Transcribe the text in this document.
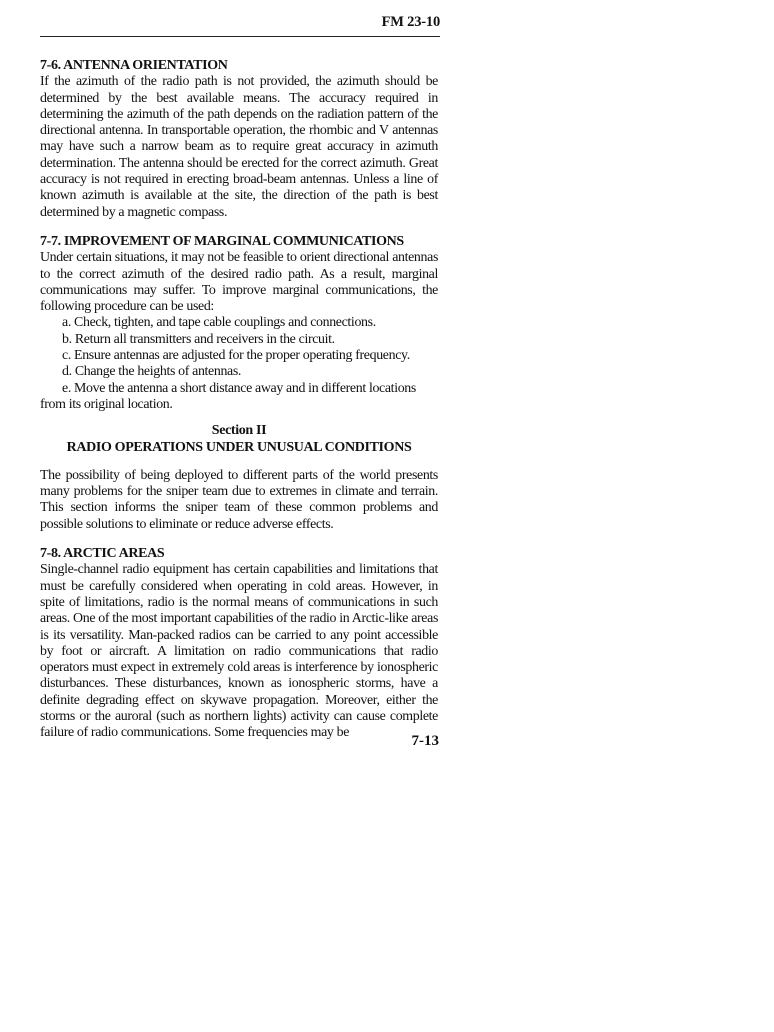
FM 23-10

7-6. ANTENNA ORIENTATION

If the azimuth of the radio path is not provided, the azimuth should be determined by the best available means. The accuracy required in determining the azimuth of the path depends on the radiation pattern of the directional antenna. In transportable operation, the rhombic and V antennas may have such a narrow beam as to require great accuracy in azimuth determination. The antenna should be erected for the correct azimuth. Great accuracy is not required in erecting broad-beam antennas. Unless a line of known azimuth is available at the site, the direction of the path is best determined by a magnetic compass.

7-7. IMPROVEMENT OF MARGINAL COMMUNICATIONS

Under certain situations, it may not be feasible to orient directional antennas to the correct azimuth of the desired radio path. As a result, marginal communications may suffer. To improve marginal communications, the following procedure can be used:

a. Check, tighten, and tape cable couplings and connections.

b. Return all transmitters and receivers in the circuit.

c. Ensure antennas are adjusted for the proper operating frequency.

d. Change the heights of antennas.

e. Move the antenna a short distance away and in different locations from its original location.

Section II

RADIO OPERATIONS UNDER UNUSUAL CONDITIONS

The possibility of being deployed to different parts of the world presents many problems for the sniper team due to extremes in climate and terrain. This section informs the sniper team of these common problems and possible solutions to eliminate or reduce adverse effects.

7-8. ARCTIC AREAS

Single-channel radio equipment has certain capabilities and limitations that must be carefully considered when operating in cold areas. However, in spite of limitations, radio is the normal means of communications in such areas. One of the most important capabilities of the radio in Arctic-like areas is its versatility. Man-packed radios can be carried to any point accessible by foot or aircraft. A limitation on radio communications that radio operators must expect in extremely cold areas is interference by ionospheric disturbances. These disturbances, known as ionospheric storms, have a definite degrading effect on skywave propagation. Moreover, either the storms or the auroral (such as northern lights) activity can cause complete failure of radio communications. Some frequencies may be

7-13
